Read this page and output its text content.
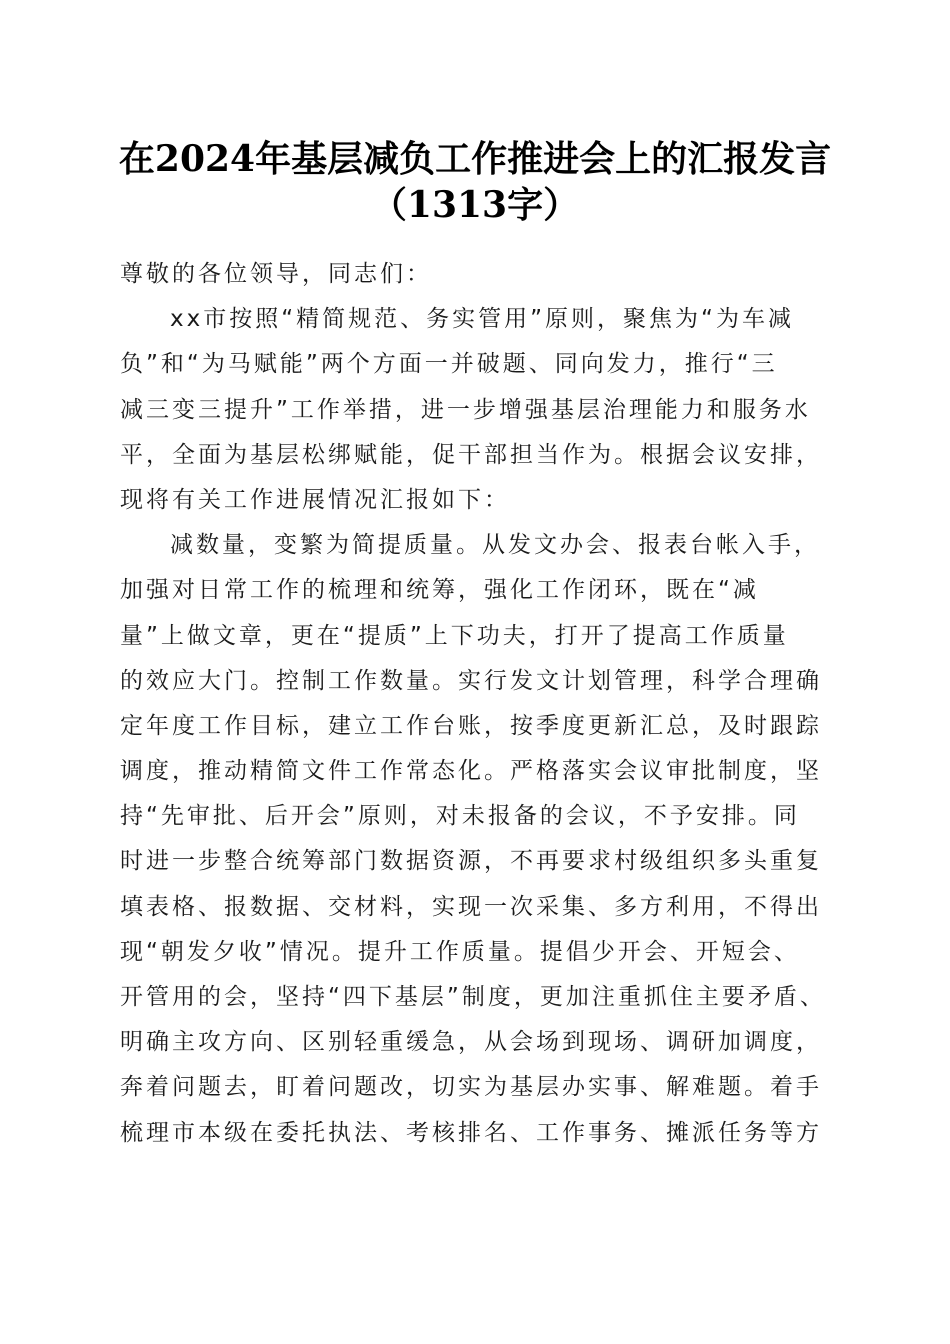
在2024年基层减负工作推进会上的汇报发言
（1313字）
尊敬的各位领导，同志们：
xx市按照“精简规范、务实管用”原则，聚焦为“为车减
负”和“为马赋能”两个方面一并破题、同向发力，推行“三
减三变三提升”工作举措，进一步增强基层治理能力和服务水
平，全面为基层松绑赋能，促干部担当作为。根据会议安排，
现将有关工作进展情况汇报如下：
减数量，变繁为简提质量。从发文办会、报表台帐入手，
加强对日常工作的梳理和统筹，强化工作闭环，既在“减
量”上做文章，更在“提质”上下功夫，打开了提高工作质量
的效应大门。控制工作数量。实行发文计划管理，科学合理确
定年度工作目标，建立工作台账，按季度更新汇总，及时跟踪
调度，推动精简文件工作常态化。严格落实会议审批制度，坚
持“先审批、后开会”原则，对未报备的会议，不予安排。同
时进一步整合统筹部门数据资源，不再要求村级组织多头重复
填表格、报数据、交材料，实现一次采集、多方利用，不得出
现“朝发夕收”情况。提升工作质量。提倡少开会、开短会、
开管用的会，坚持“四下基层”制度，更加注重抓住主要矛盾、
明确主攻方向、区别轻重缓急，从会场到现场、调研加调度，
奔着问题去，盯着问题改，切实为基层办实事、解难题。着手
梳理市本级在委托执法、考核排名、工作事务、摊派任务等方
